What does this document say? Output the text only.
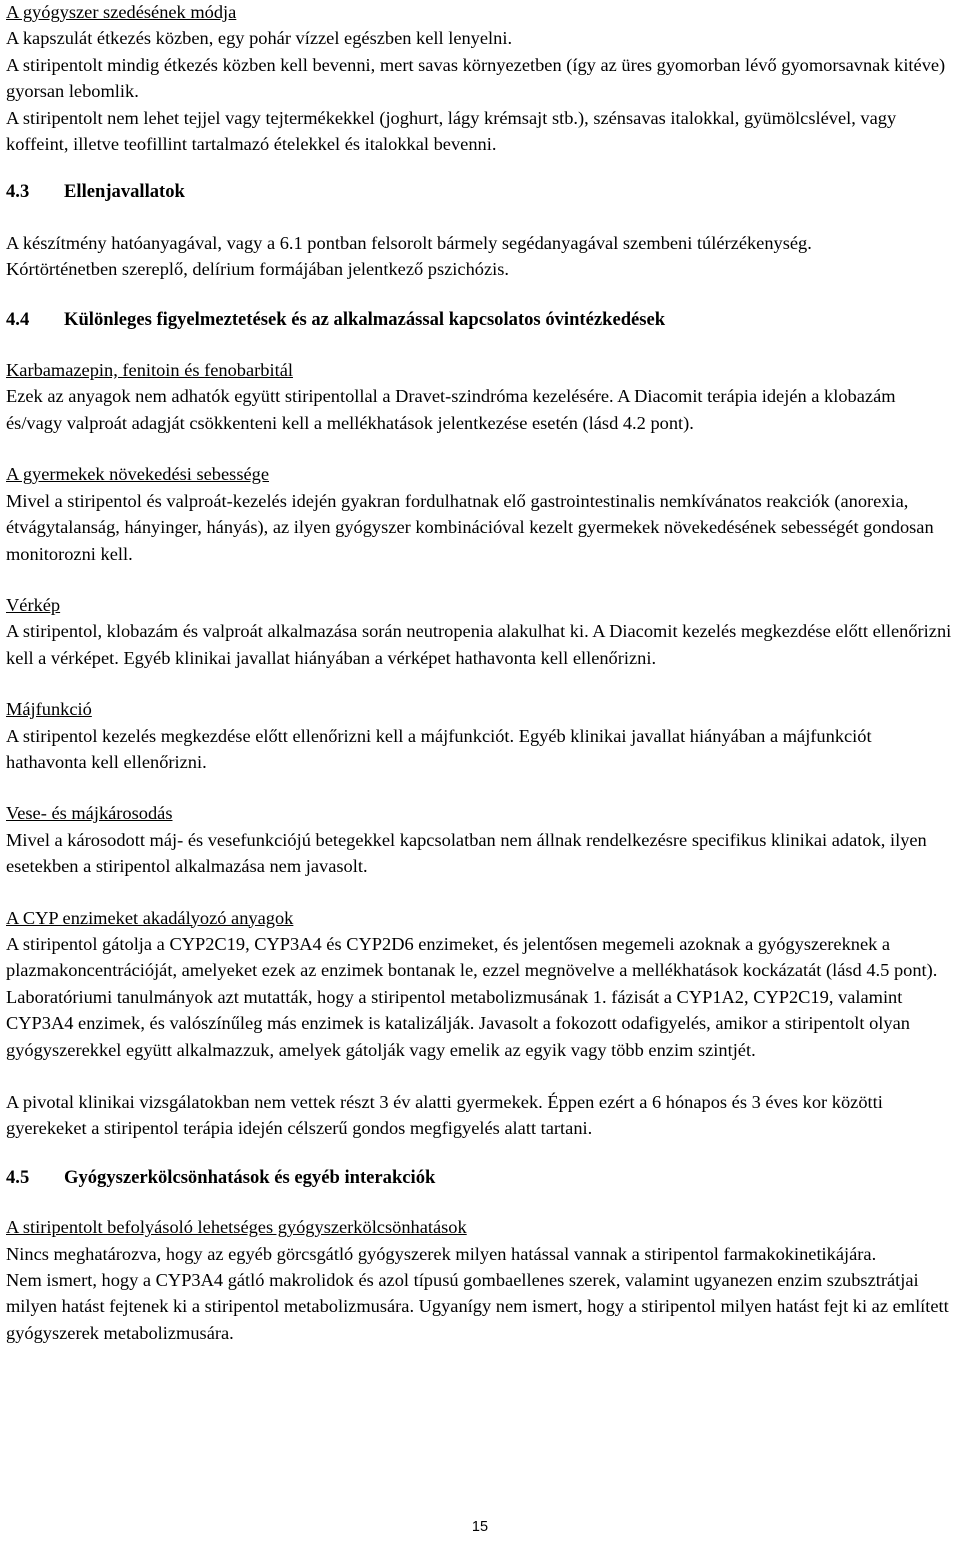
A gyógyszer szedésének módja

A kapszulát étkezés közben, egy pohár vízzel egészben kell lenyelni.

A stiripentolt mindig étkezés közben kell bevenni, mert savas környezetben (így az üres gyomorban lévő gyomorsavnak kitéve) gyorsan lebomlik.

A stiripentolt nem lehet tejjel vagy tejtermékekkel (joghurt, lágy krémsajt stb.), szénsavas italokkal, gyümölcslével, vagy koffeint, illetve teofillint tartalmazó ételekkel és italokkal bevenni.

4.3	Ellenjavallatok

A készítmény hatóanyagával, vagy a 6.1 pontban felsorolt bármely segédanyagával szembeni túlérzékenység.

Kórtörténetben szereplő, delírium formájában jelentkező pszichózis.

4.4	Különleges figyelmeztetések és az alkalmazással kapcsolatos óvintézkedések

Karbamazepin, fenitoin és fenobarbitál

Ezek az anyagok nem adhatók együtt stiripentollal a Dravet-szindróma kezelésére. A Diacomit terápia idején a klobazám és/vagy valproát adagját csökkenteni kell a mellékhatások jelentkezése esetén (lásd 4.2 pont).

A gyermekek növekedési sebessége

Mivel a stiripentol és valproát-kezelés idején gyakran fordulhatnak elő gastrointestinalis nemkívánatos reakciók (anorexia, étvágytalanság, hányinger, hányás), az ilyen gyógyszer kombinációval kezelt gyermekek növekedésének sebességét gondosan monitorozni kell.

Vérkép

A stiripentol, klobazám és valproát alkalmazása során neutropenia alakulhat ki. A Diacomit kezelés megkezdése előtt ellenőrizni kell a vérképet. Egyéb klinikai javallat hiányában a vérképet hathavonta kell ellenőrizni.

Májfunkció

A stiripentol kezelés megkezdése előtt ellenőrizni kell a májfunkciót. Egyéb klinikai javallat hiányában a májfunkciót hathavonta kell ellenőrizni.

Vese- és májkárosodás

Mivel a károsodott máj- és vesefunkciójú betegekkel kapcsolatban nem állnak rendelkezésre specifikus klinikai adatok, ilyen esetekben a stiripentol alkalmazása nem javasolt.

A CYP enzimeket akadályozó anyagok

A stiripentol gátolja a CYP2C19, CYP3A4 és CYP2D6 enzimeket, és jelentősen megemeli azoknak a gyógyszereknek a plazmakoncentrációját, amelyeket ezek az enzimek bontanak le, ezzel megnövelve a mellékhatások kockázatát (lásd 4.5 pont). Laboratóriumi tanulmányok azt mutatták, hogy a stiripentol metabolizmusának 1. fázisát a CYP1A2, CYP2C19, valamint CYP3A4 enzimek, és valószínűleg más enzimek is katalizálják. Javasolt a fokozott odafigyelés, amikor a stiripentolt olyan gyógyszerekkel együtt alkalmazzuk, amelyek gátolják vagy emelik az egyik vagy több enzim szintjét.

A pivotal klinikai vizsgálatokban nem vettek részt 3 év alatti gyermekek. Éppen ezért a 6 hónapos és 3 éves kor közötti gyerekeket a stiripentol terápia idején célszerű gondos megfigyelés alatt tartani.

4.5	Gyógyszerkölcsönhatások és egyéb interakciók

A stiripentolt befolyásoló lehetséges gyógyszerkölcsönhatások

Nincs meghatározva, hogy az egyéb görcsgátló gyógyszerek milyen hatással vannak a stiripentol farmakokinetikájára.

Nem ismert, hogy a CYP3A4 gátló makrolidok és azol típusú gombaellenes szerek, valamint ugyanezen enzim szubsztrátjai milyen hatást fejtenek ki a stiripentol metabolizmusára. Ugyanígy nem ismert, hogy a stiripentol milyen hatást fejt ki az említett gyógyszerek metabolizmusára.

15
